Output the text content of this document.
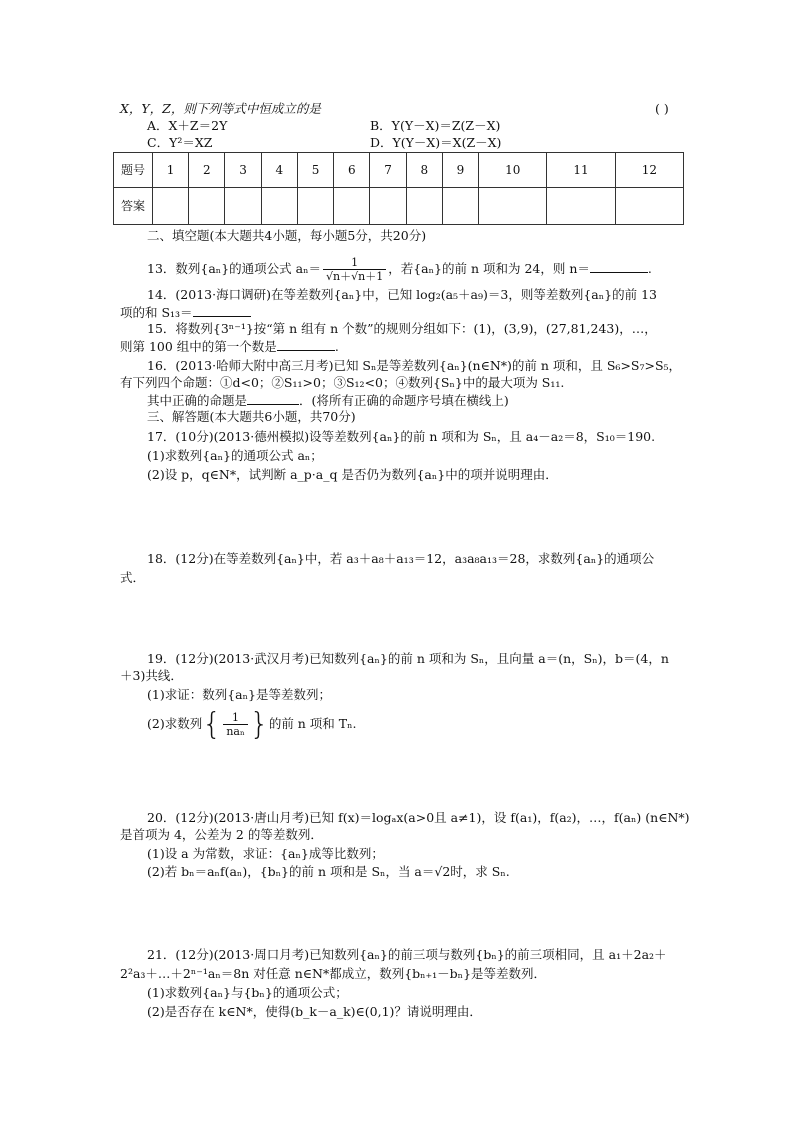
X，Y，Z，则下列等式中恒成立的是	( )
A．X＋Z＝2Y	B．Y(Y－X)＝Z(Z－X)
C．Y²＝XZ	D．Y(Y－X)＝X(Z－X)
题号	1	2	3	4	5	6	7	8	9	10	11	12
答案												
二、填空题(本大题共4小题，每小题5分，共20分)
13．数列{aₙ}的通项公式 $a_n= \frac{1}{√n+√n+1}$ ，若{aₙ}的前 n 项和为 24，则 n＝	.
14．(2013·海口调研)在等差数列{aₙ}中，已知 log₂(a₅＋a₉)＝3，则等差数列{aₙ}的前 13
项的和 S₁₃＝
15．将数列{3ⁿ⁻¹}按“第 n 组有 n 个数”的规则分组如下：(1)，(3,9)，(27,81,243)，…，
则第 100 组中的第一个数是	.
16．(2013·哈师大附中高三月考)已知 Sₙ是等差数列{aₙ}(n∈N*)的前 n 项和，且 S₆>S₇>S₅，
有下列四个命题：①d<0；②S₁₁>0；③S₁₂<0；④数列{Sₙ}中的最大项为 S₁₁.
其中正确的命题是	．(将所有正确的命题序号填在横线上)
三、解答题(本大题共6小题，共70分)
17．(10分)(2013·德州模拟)设等差数列{aₙ}的前 n 项和为 Sₙ，且 a₄－a₂＝8，S₁₀＝190.
(1)求数列{aₙ}的通项公式 aₙ；
(2)设 p，q∈N*，试判断 a_p·a_q 是否仍为数列{aₙ}中的项并说明理由．
18．(12分)在等差数列{aₙ}中，若 a₃＋a₈＋a₁₃＝12，a₃a₈a₁₃＝28，求数列{aₙ}的通项公
式．
19．(12分)(2013·武汉月考)已知数列{aₙ}的前 n 项和为 Sₙ，且向量 a＝(n，Sₙ)，b＝(4，n
＋3)共线．
(1)求证：数列{aₙ}是等差数列；
(2)求数列{ $\frac{1}{\text{naₙ}}$ }的前 n 项和 Tₙ.
20．(12分)(2013·唐山月考)已知 f(x)＝logₐx(a>0且 a≠1)，设 f(a₁)，f(a₂)，…，f(aₙ) (n∈N*)
是首项为 4，公差为 2 的等差数列．
(1)设 a 为常数，求证：{aₙ}成等比数列；
(2)若 bₙ＝aₙf(aₙ)，{bₙ}的前 n 项和是 Sₙ，当 a＝√2时，求 Sₙ.
21．(12分)(2013·周口月考)已知数列{aₙ}的前三项与数列{bₙ}的前三项相同，且 a₁＋2a₂＋
2²a₃＋…＋2ⁿ⁻¹aₙ＝8n 对任意 n∈N*都成立，数列{bₙ₊₁－bₙ}是等差数列．
(1)求数列{aₙ}与{bₙ}的通项公式；
(2)是否存在 k∈N*，使得(b_k－a_k)∈(0,1)？请说明理由．
